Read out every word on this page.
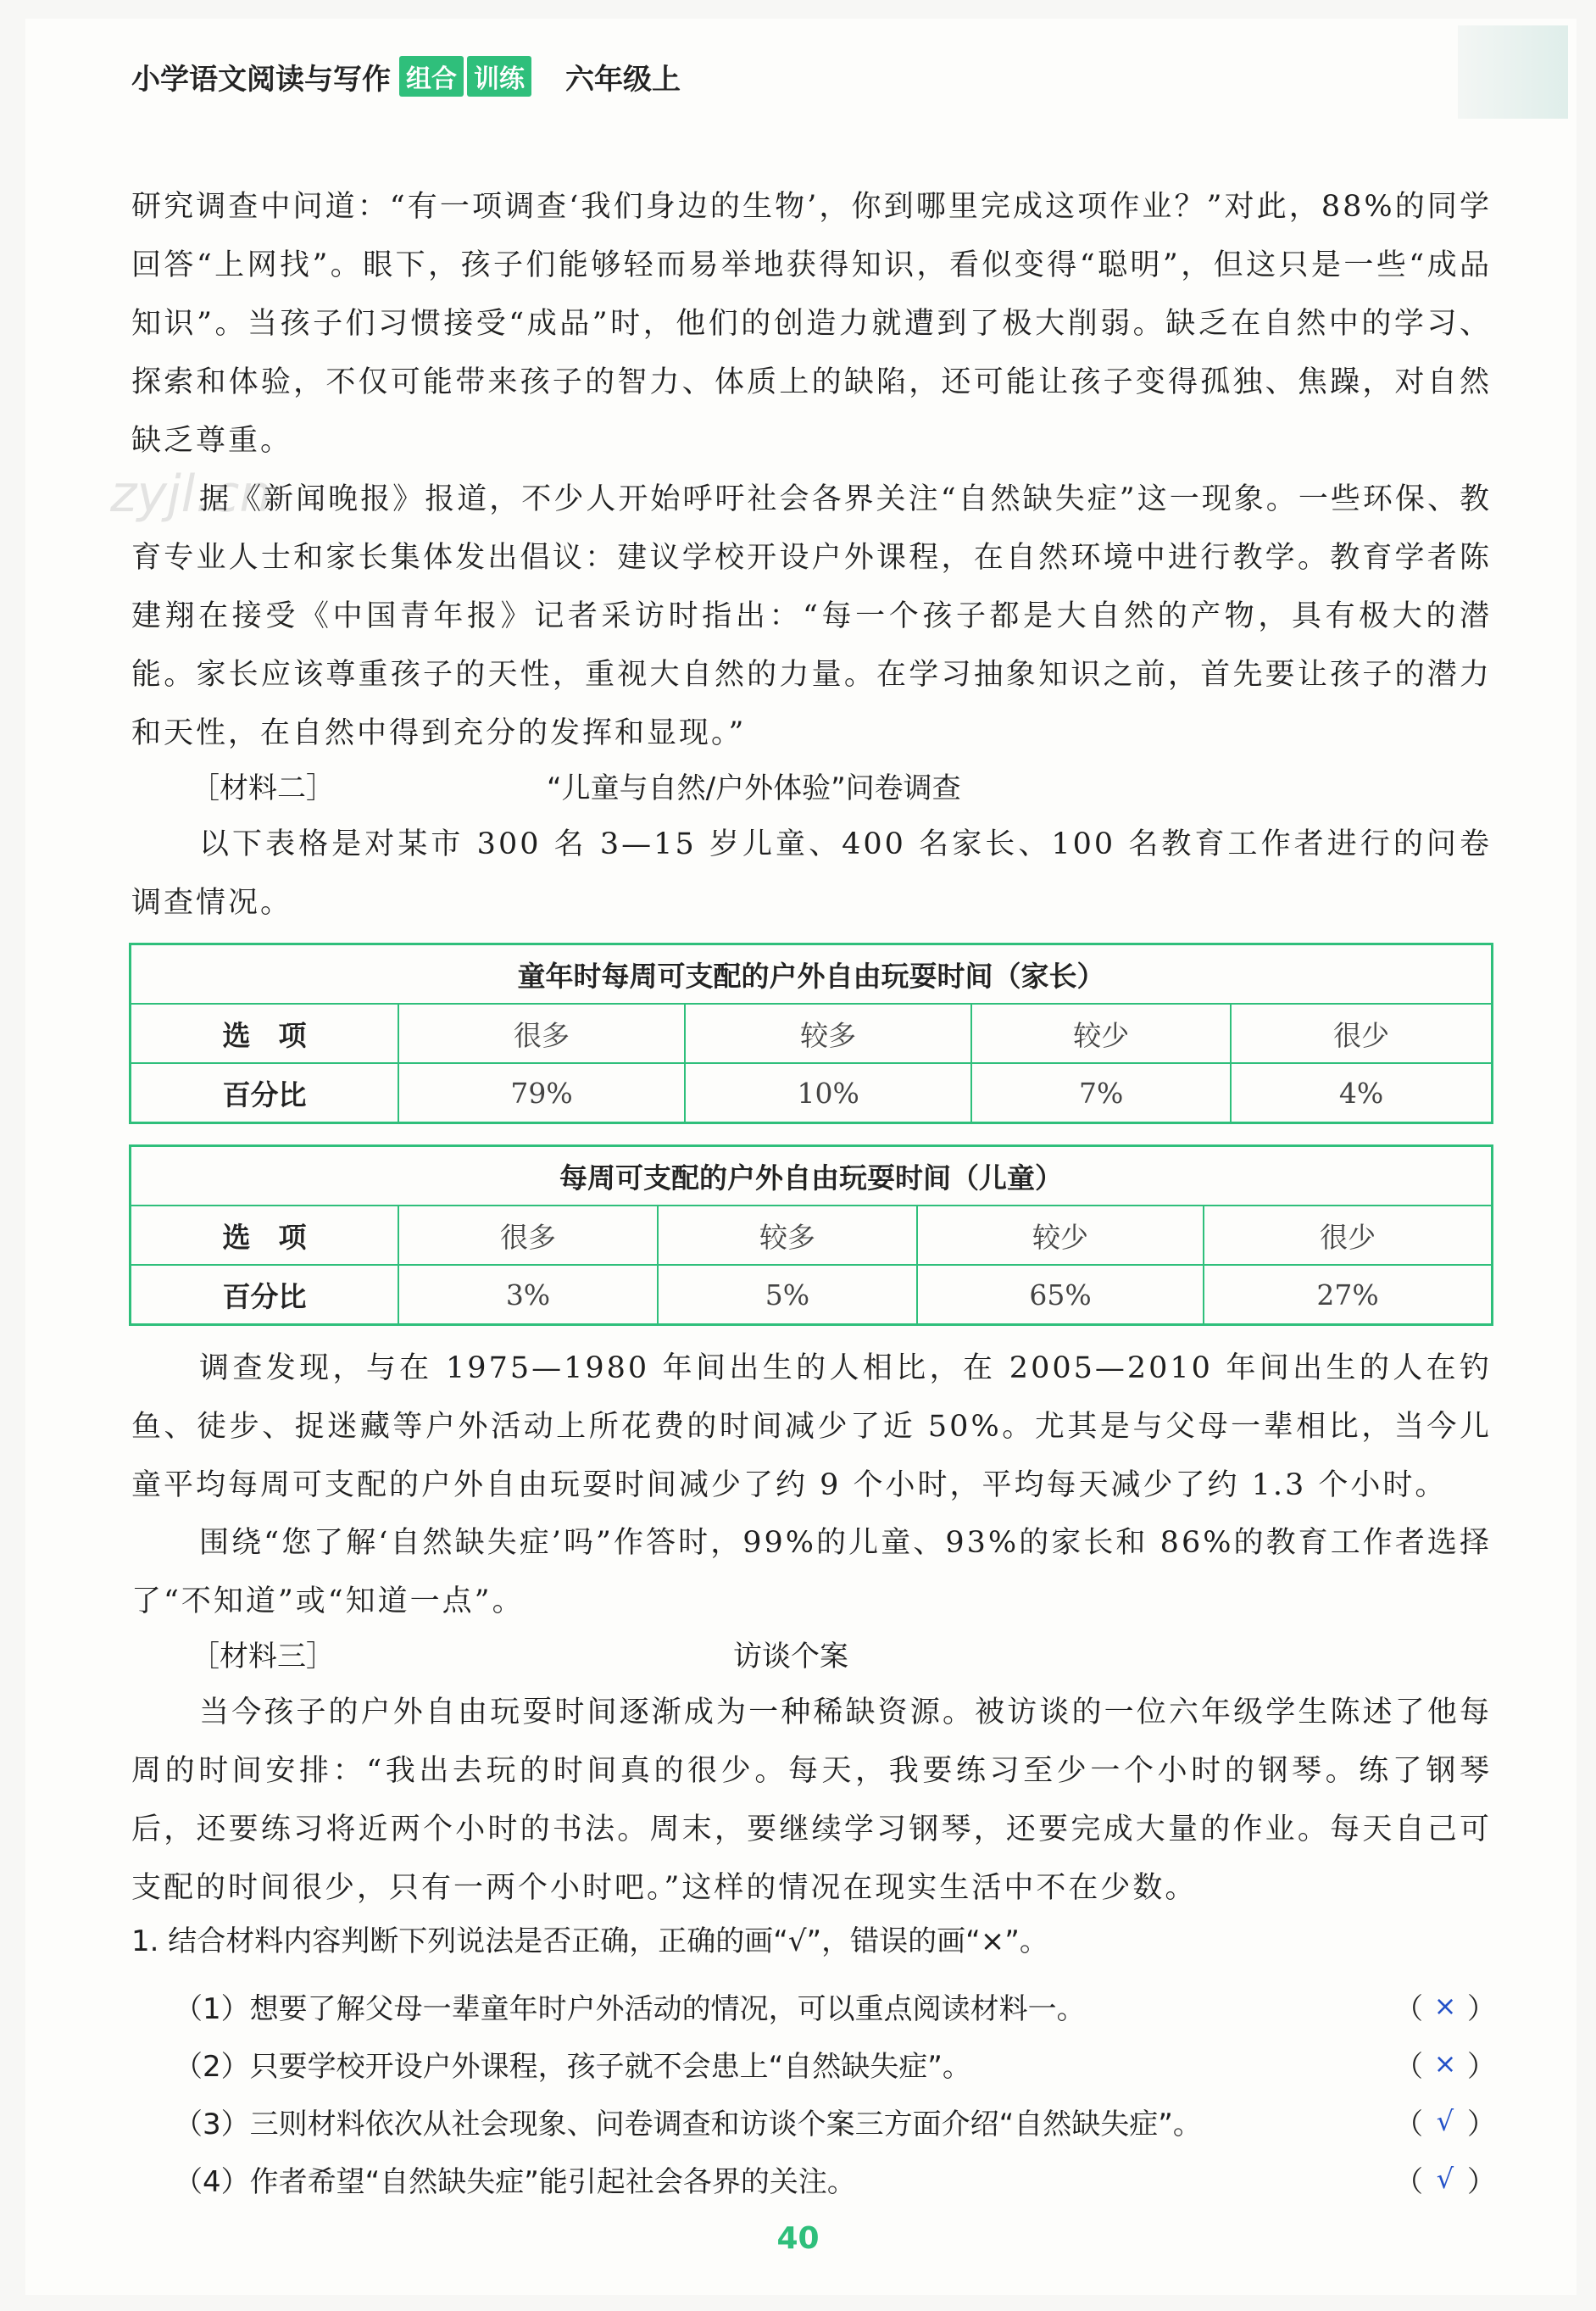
小学语文阅读与写作 组合 训练 六年级上
zyjl.cn

研究调查中问道：“有一项调查‘我们身边的生物’，你到哪里完成这项作业？”对此，88%的同学回答“上网找”。眼下，孩子们能够轻而易举地获得知识，看似变得“聪明”，但这只是一些“成品知识”。当孩子们习惯接受“成品”时，他们的创造力就遭到了极大削弱。缺乏在自然中的学习、探索和体验，不仅可能带来孩子的智力、体质上的缺陷，还可能让孩子变得孤独、焦躁，对自然缺乏尊重。

据《新闻晚报》报道，不少人开始呼吁社会各界关注“自然缺失症”这一现象。一些环保、教育专业人士和家长集体发出倡议：建议学校开设户外课程，在自然环境中进行教学。教育学者陈建翔在接受《中国青年报》记者采访时指出：“每一个孩子都是大自然的产物，具有极大的潜能。家长应该尊重孩子的天性，重视大自然的力量。在学习抽象知识之前，首先要让孩子的潜力和天性，在自然中得到充分的发挥和显现。”

［材料二］	“儿童与自然/户外体验”问卷调查

以下表格是对某市 300 名 3—15 岁儿童、400 名家长、100 名教育工作者进行的问卷调查情况。

童年时每周可支配的户外自由玩耍时间（家长）				
选　项	很多	较多	较少	很少
百分比	79%	10%	7%	4%
每周可支配的户外自由玩耍时间（儿童）				
选　项	很多	较多	较少	很少
百分比	3%	5%	65%	27%

调查发现，与在 1975—1980 年间出生的人相比，在 2005—2010 年间出生的人在钓鱼、徒步、捉迷藏等户外活动上所花费的时间减少了近 50%。尤其是与父母一辈相比，当今儿童平均每周可支配的户外自由玩耍时间减少了约 9 个小时，平均每天减少了约 1.3 个小时。

围绕“您了解‘自然缺失症’吗”作答时，99%的儿童、93%的家长和 86%的教育工作者选择了“不知道”或“知道一点”。

［材料三］	访谈个案

当今孩子的户外自由玩耍时间逐渐成为一种稀缺资源。被访谈的一位六年级学生陈述了他每周的时间安排：“我出去玩的时间真的很少。每天，我要练习至少一个小时的钢琴。练了钢琴后，还要练习将近两个小时的书法。周末，要继续学习钢琴，还要完成大量的作业。每天自己可支配的时间很少，只有一两个小时吧。”这样的情况在现实生活中不在少数。

1. 结合材料内容判断下列说法是否正确，正确的画“√”，错误的画“×”。
（1）想要了解父母一辈童年时户外活动的情况，可以重点阅读材料一。	（ × ）
（2）只要学校开设户外课程，孩子就不会患上“自然缺失症”。	（ × ）
（3）三则材料依次从社会现象、问卷调查和访谈个案三方面介绍“自然缺失症”。	（ √ ）
（4）作者希望“自然缺失症”能引起社会各界的关注。	（ √ ）
40
